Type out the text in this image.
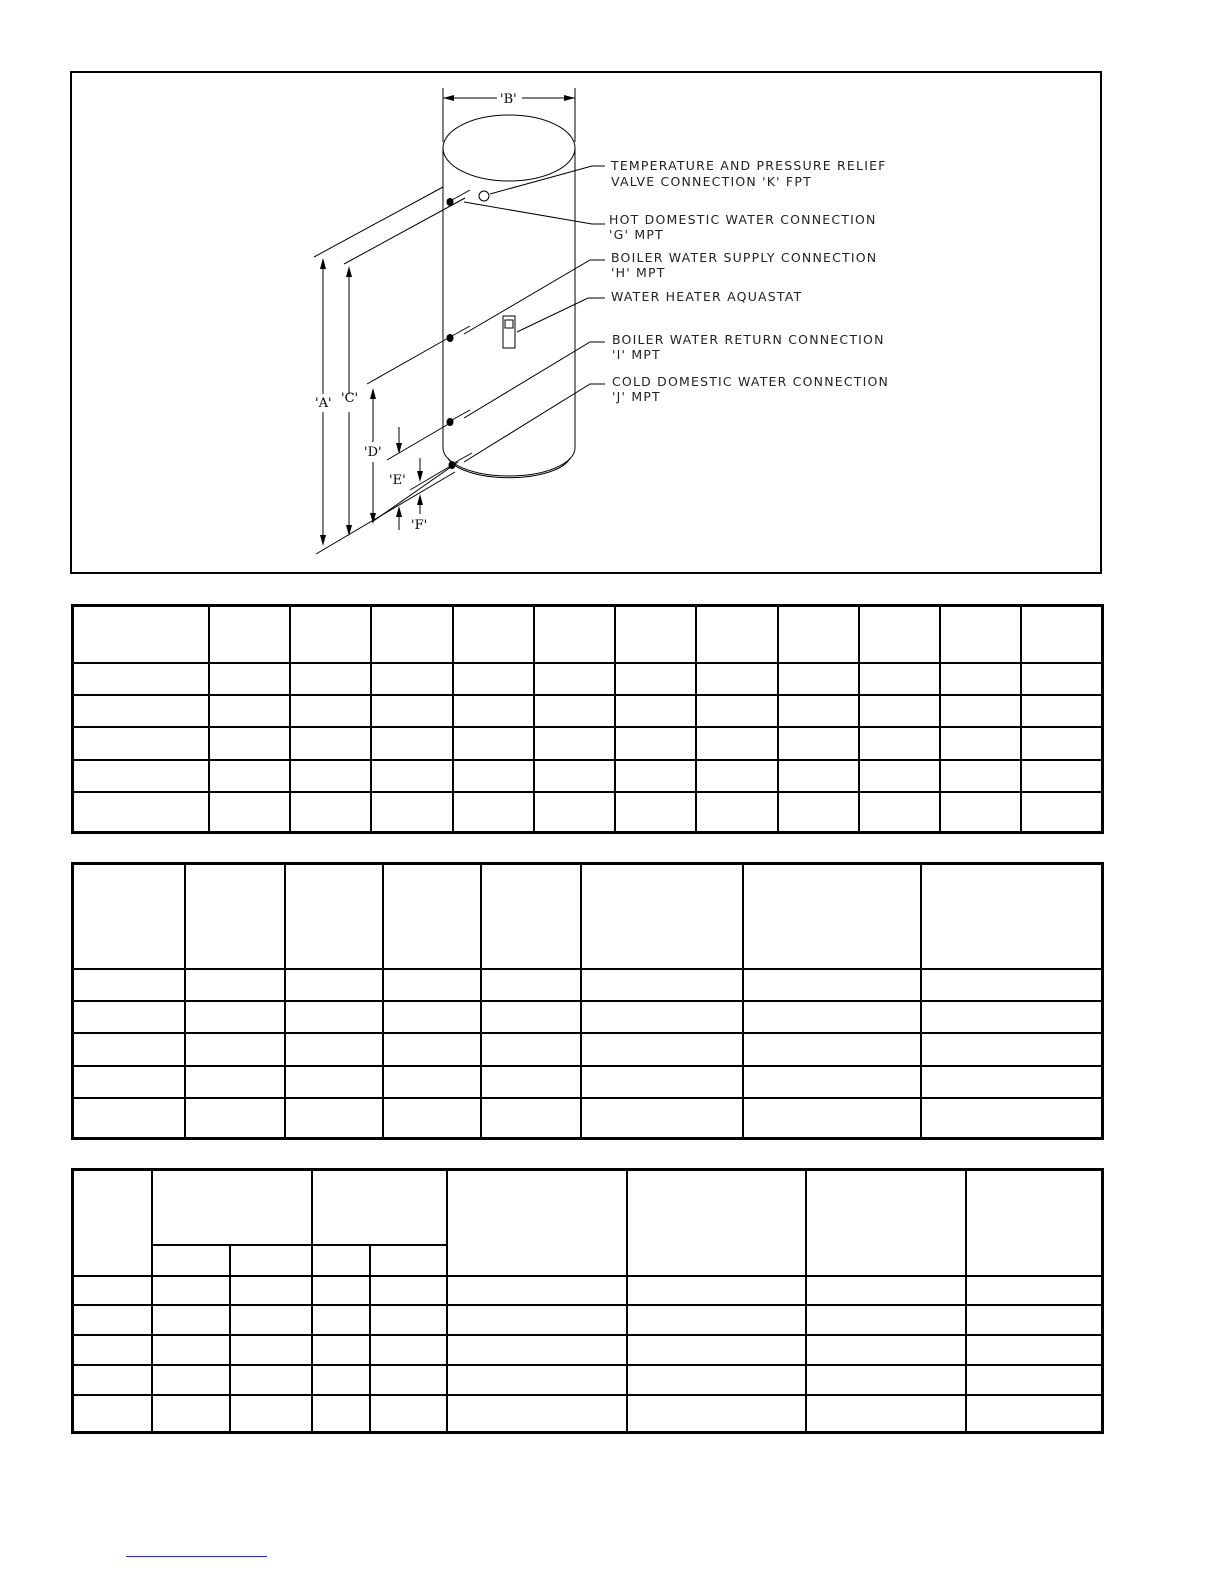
'B'
'A' 'C'
'D'
'E'
'F'
TEMPERATURE AND PRESSURE RELIEF
VALVE CONNECTION 'K' FPT
HOT DOMESTIC WATER CONNECTION
'G' MPT
BOILER WATER SUPPLY CONNECTION
'H' MPT
WATER HEATER AQUASTAT
BOILER WATER RETURN CONNECTION
'I' MPT
COLD DOMESTIC WATER CONNECTION
'J' MPT
